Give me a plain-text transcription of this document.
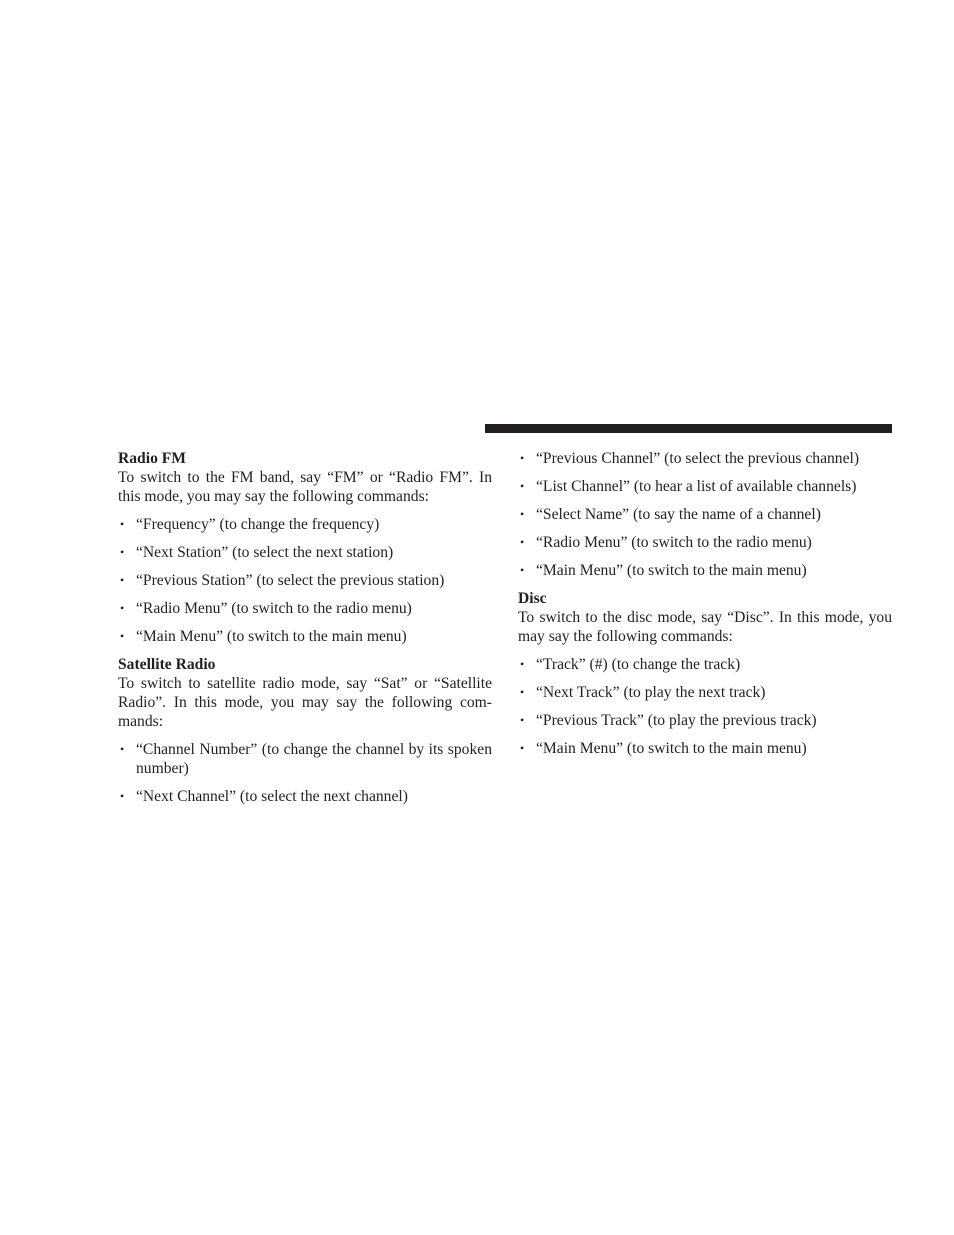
Radio FM

To switch to the FM band, say “FM” or “Radio FM”. In this mode, you may say the following commands:

• “Frequency” (to change the frequency)
• “Next Station” (to select the next station)
• “Previous Station” (to select the previous station)
• “Radio Menu” (to switch to the radio menu)
• “Main Menu” (to switch to the main menu)

Satellite Radio

To switch to satellite radio mode, say “Sat” or “Satellite Radio”. In this mode, you may say the following com-mands:

• “Channel Number” (to change the channel by its spoken number)
• “Next Channel” (to select the next channel)
• “Previous Channel” (to select the previous channel)
• “List Channel” (to hear a list of available channels)
• “Select Name” (to say the name of a channel)
• “Radio Menu” (to switch to the radio menu)
• “Main Menu” (to switch to the main menu)

Disc

To switch to the disc mode, say “Disc”. In this mode, you may say the following commands:

• “Track” (#) (to change the track)
• “Next Track” (to play the next track)
• “Previous Track” (to play the previous track)
• “Main Menu” (to switch to the main menu)
